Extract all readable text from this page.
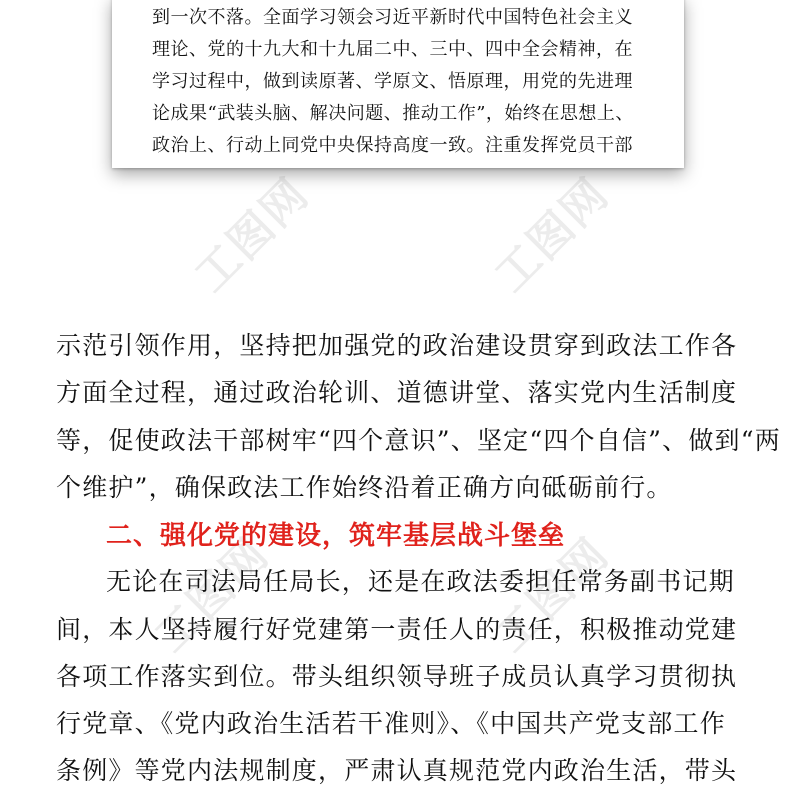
工图网	工图网
工图网	工图网
到一次不落。全面学习领会习近平新时代中国特色社会主义
理论、党的十九大和十九届二中、三中、四中全会精神，在
学习过程中，做到读原著、学原文、悟原理，用党的先进理
论成果“武装头脑、解决问题、推动工作”，始终在思想上、
政治上、行动上同党中央保持高度一致。注重发挥党员干部
示范引领作用，坚持把加强党的政治建设贯穿到政法工作各
方面全过程，通过政治轮训、道德讲堂、落实党内生活制度
等，促使政法干部树牢“四个意识”、坚定“四个自信”、做到“两
个维护”，确保政法工作始终沿着正确方向砥砺前行。
二、强化党的建设，筑牢基层战斗堡垒
无论在司法局任局长，还是在政法委担任常务副书记期
间，本人坚持履行好党建第一责任人的责任，积极推动党建
各项工作落实到位。带头组织领导班子成员认真学习贯彻执
行党章、《党内政治生活若干准则》、《中国共产党支部工作
条例》等党内法规制度，严肃认真规范党内政治生活，带头
